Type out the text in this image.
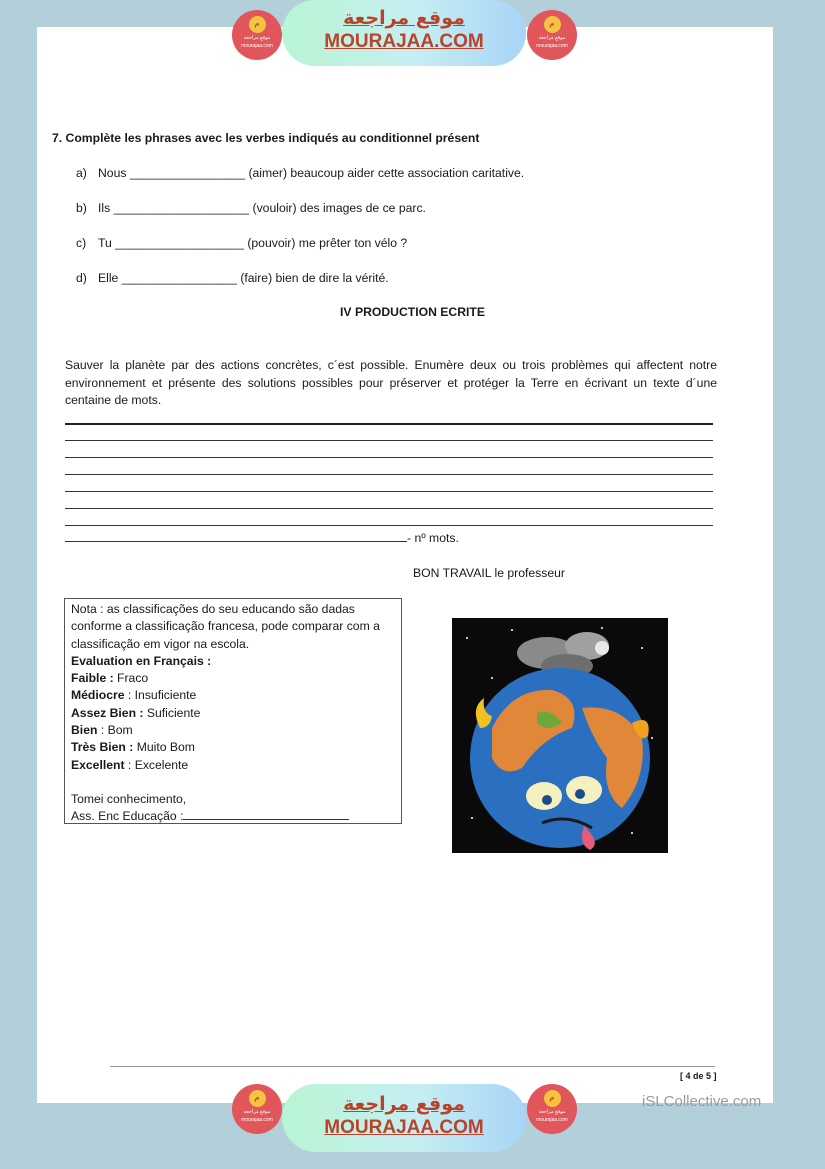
ﻡ
موقع مراجعة
mourajaa.com
موقع مراجعة
MOURAJAA.COM
ﻡ
موقع مراجعة
mourajaa.com
7. Complète les phrases avec les verbes indiqués au conditionnel présent
a) Nous _________________ (aimer) beaucoup aider cette association caritative.
b) Ils ____________________ (vouloir) des images de ce parc.
c) Tu ___________________ (pouvoir) me prêter ton vélo ?
d) Elle _________________ (faire) bien de dire la vérité.
IV PRODUCTION ECRITE
Sauver la planète par des actions concrètes, c´est possible. Enumère deux ou trois problèmes qui affectent notre environnement et présente des solutions possibles pour préserver et protéger la Terre en écrivant un texte d´une centaine de mots.
- nº mots.
BON TRAVAIL le professeur
Nota : as classificações do seu educando são dadas conforme a classificação francesa, pode comparar com a classificação em vigor na escola.
Evaluation en Français :
Faible : Fraco
Médiocre : Insuficiente
Assez Bien : Suficiente
Bien : Bom
Très Bien : Muito Bom
Excellent : Excelente
Tomei conhecimento,
Ass. Enc Educação :
[ 4 de 5 ]
iSLCollective.com
ﻡ
موقع مراجعة
mourajaa.com
موقع مراجعة
MOURAJAA.COM
ﻡ
موقع مراجعة
mourajaa.com
